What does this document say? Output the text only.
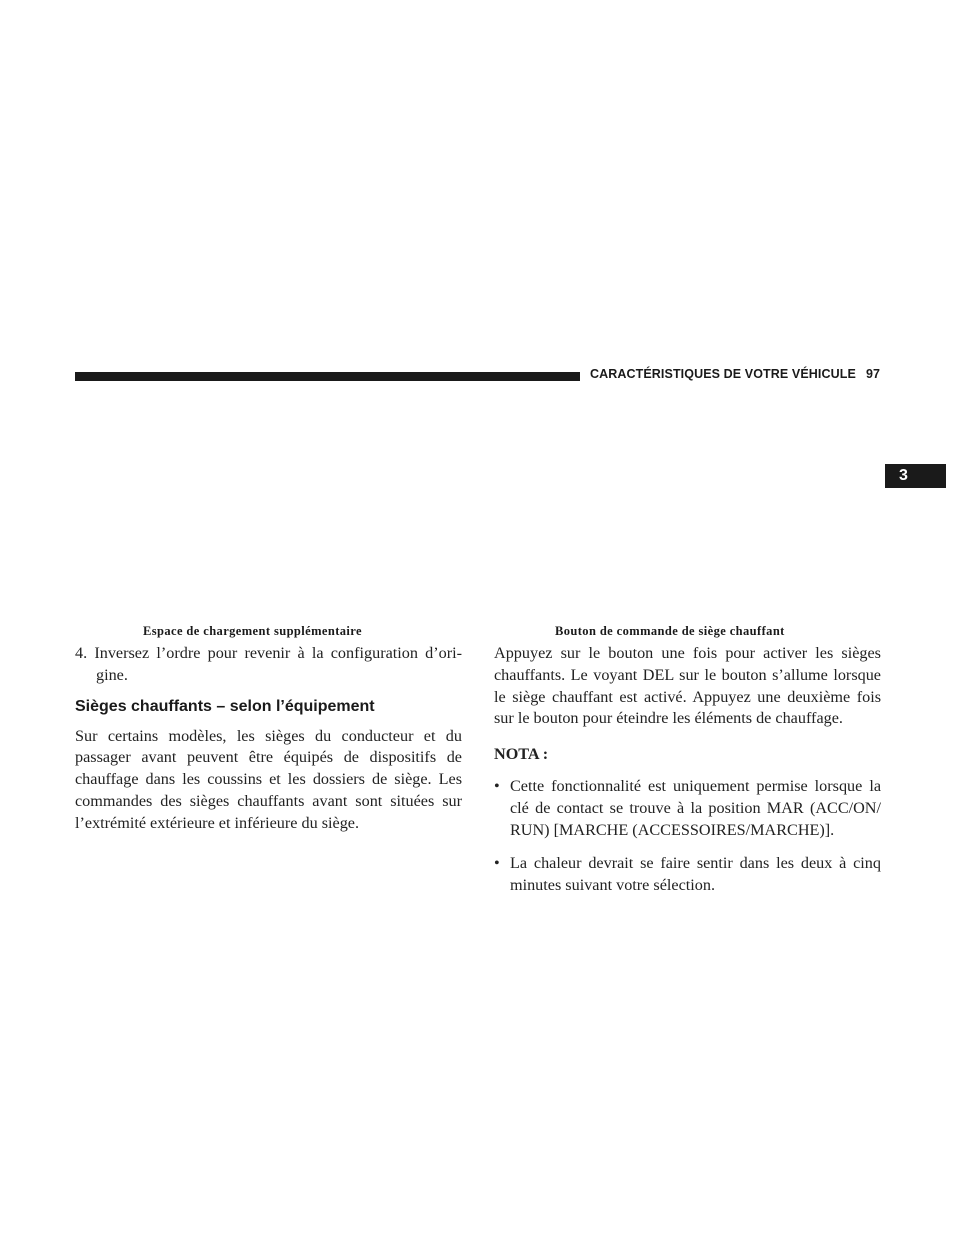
CARACTÉRISTIQUES DE VOTRE VÉHICULE 97
3
Espace de chargement supplémentaire	Bouton de commande de siège chauffant

4. Inversez l’ordre pour revenir à la configuration d’ori-gine.

Sièges chauffants – selon l’équipement

Sur certains modèles, les sièges du conducteur et du passager avant peuvent être équipés de dispositifs de chauffage dans les coussins et les dossiers de siège. Les commandes des sièges chauffants avant sont situées sur l’extrémité extérieure et inférieure du siège.

Appuyez sur le bouton une fois pour activer les sièges chauffants. Le voyant DEL sur le bouton s’allume lorsque le siège chauffant est activé. Appuyez une deuxième fois sur le bouton pour éteindre les éléments de chauffage.

NOTA :

• Cette fonctionnalité est uniquement permise lorsque la clé de contact se trouve à la position MAR (ACC/ON/ RUN) [MARCHE (ACCESSOIRES/MARCHE)].
• La chaleur devrait se faire sentir dans les deux à cinq minutes suivant votre sélection.
